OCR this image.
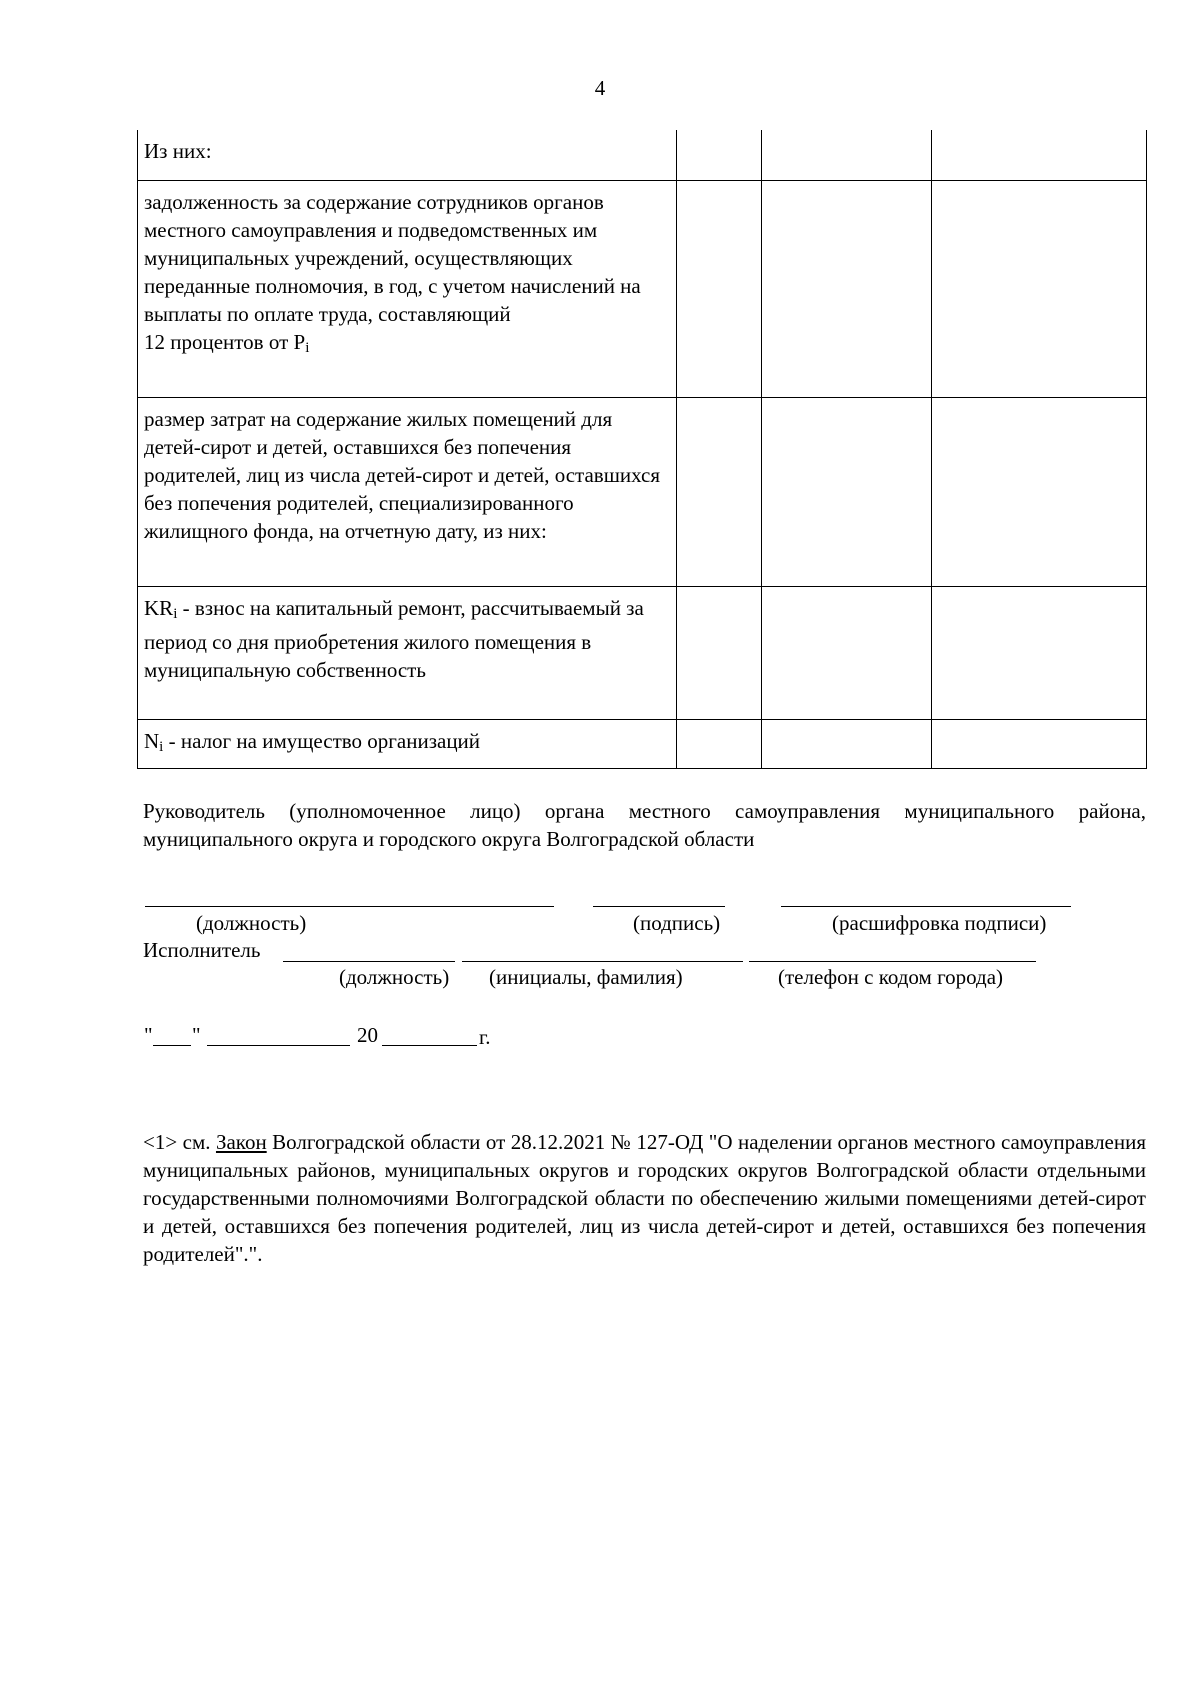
4
Из них:			
задолженность за содержание сотрудников органов местного самоуправления и подведомственных им муниципальных учреждений, осуществляющих переданные полномочия, в год, с учетом начислений на выплаты по оплате труда, составляющий
12 процентов от $P_i$			
размер затрат на содержание жилых помещений для детей-сирот и детей, оставшихся без попечения родителей, лиц из числа детей-сирот и детей, оставшихся без попечения родителей, специализированного жилищного фонда, на отчетную дату, из них:			
$KR_i$ - взнос на капитальный ремонт, рассчитываемый за период со дня приобретения жилого помещения в муниципальную собственность			
$N_i$ - налог на имущество организаций			
Руководитель (уполномоченное лицо) органа местного самоуправления муниципального района, муниципального округа и городского округа Волгоградской области
(должность)	(подпись)	(расшифровка подписи)
Исполнитель
(должность) (инициалы, фамилия)	(телефон с кодом города)
" "	20	г.
<1> см. Закон Волгоградской области от 28.12.2021 № 127-ОД "О наделении органов местного самоуправления муниципальных районов, муниципальных округов и городских округов Волгоградской области отдельными государственными полномочиями Волгоградской области по обеспечению жилыми помещениями детей-сирот и детей, оставшихся без попечения родителей, лиц из числа детей-сирот и детей, оставшихся без попечения родителей".".
